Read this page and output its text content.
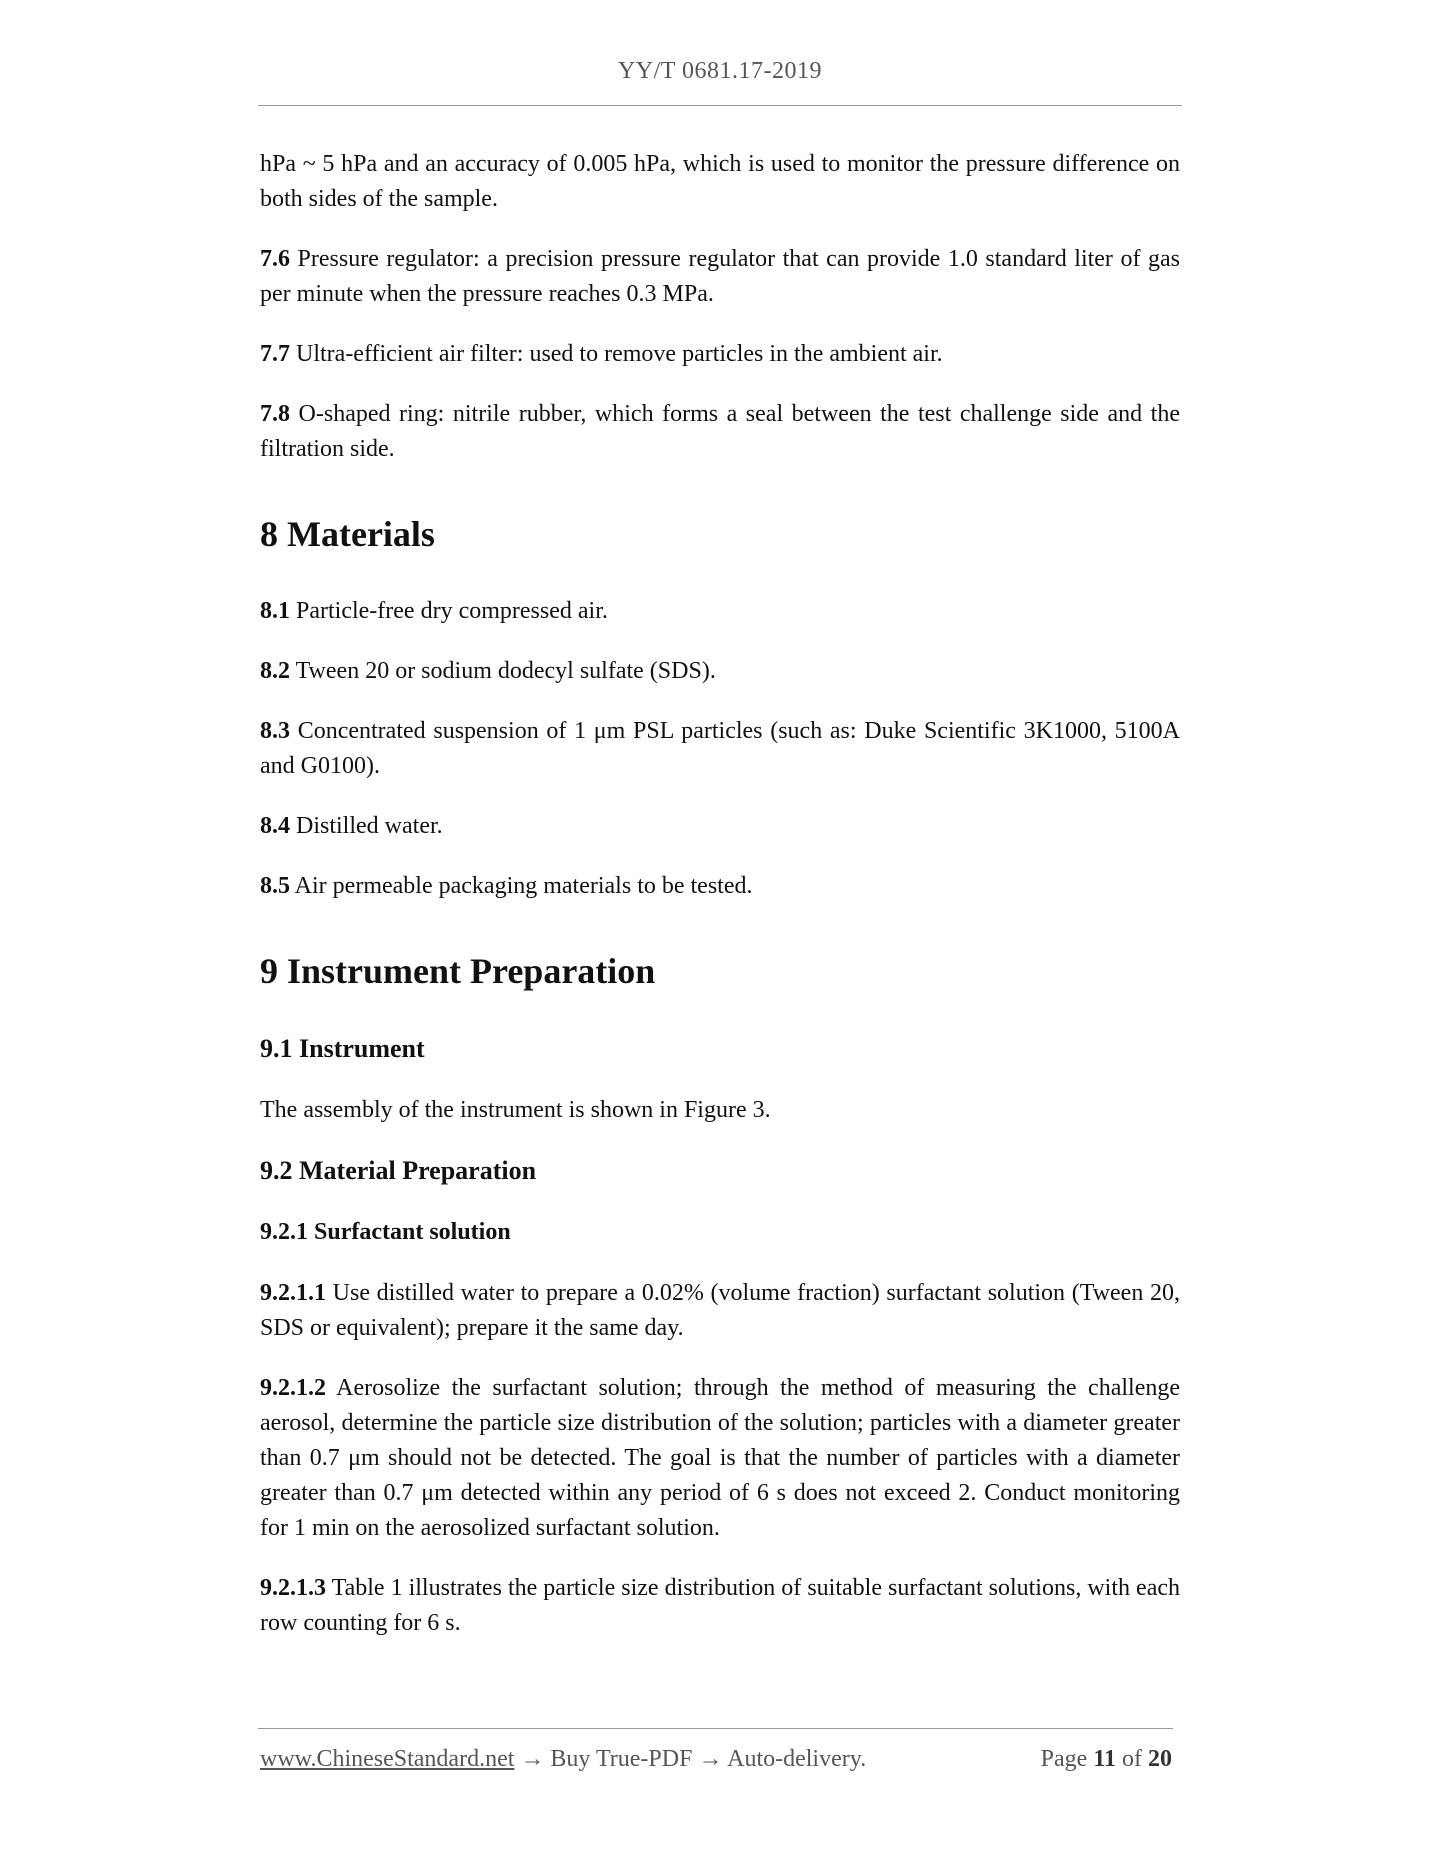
YY/T 0681.17-2019

hPa ~ 5 hPa and an accuracy of 0.005 hPa, which is used to monitor the pressure difference on both sides of the sample.

7.6 Pressure regulator: a precision pressure regulator that can provide 1.0 standard liter of gas per minute when the pressure reaches 0.3 MPa.

7.7 Ultra-efficient air filter: used to remove particles in the ambient air.

7.8 O-shaped ring: nitrile rubber, which forms a seal between the test challenge side and the filtration side.

8 Materials

8.1 Particle-free dry compressed air.

8.2 Tween 20 or sodium dodecyl sulfate (SDS).

8.3 Concentrated suspension of 1 μm PSL particles (such as: Duke Scientific 3K1000, 5100A and G0100).

8.4 Distilled water.

8.5 Air permeable packaging materials to be tested.

9 Instrument Preparation
9.1 Instrument

The assembly of the instrument is shown in Figure 3.

9.2 Material Preparation
9.2.1 Surfactant solution

9.2.1.1 Use distilled water to prepare a 0.02% (volume fraction) surfactant solution (Tween 20, SDS or equivalent); prepare it the same day.

9.2.1.2 Aerosolize the surfactant solution; through the method of measuring the challenge aerosol, determine the particle size distribution of the solution; particles with a diameter greater than 0.7 μm should not be detected. The goal is that the number of particles with a diameter greater than 0.7 μm detected within any period of 6 s does not exceed 2. Conduct monitoring for 1 min on the aerosolized surfactant solution.

9.2.1.3 Table 1 illustrates the particle size distribution of suitable surfactant solutions, with each row counting for 6 s.

www.ChineseStandard.net → Buy True-PDF → Auto-delivery.	Page 11 of 20
